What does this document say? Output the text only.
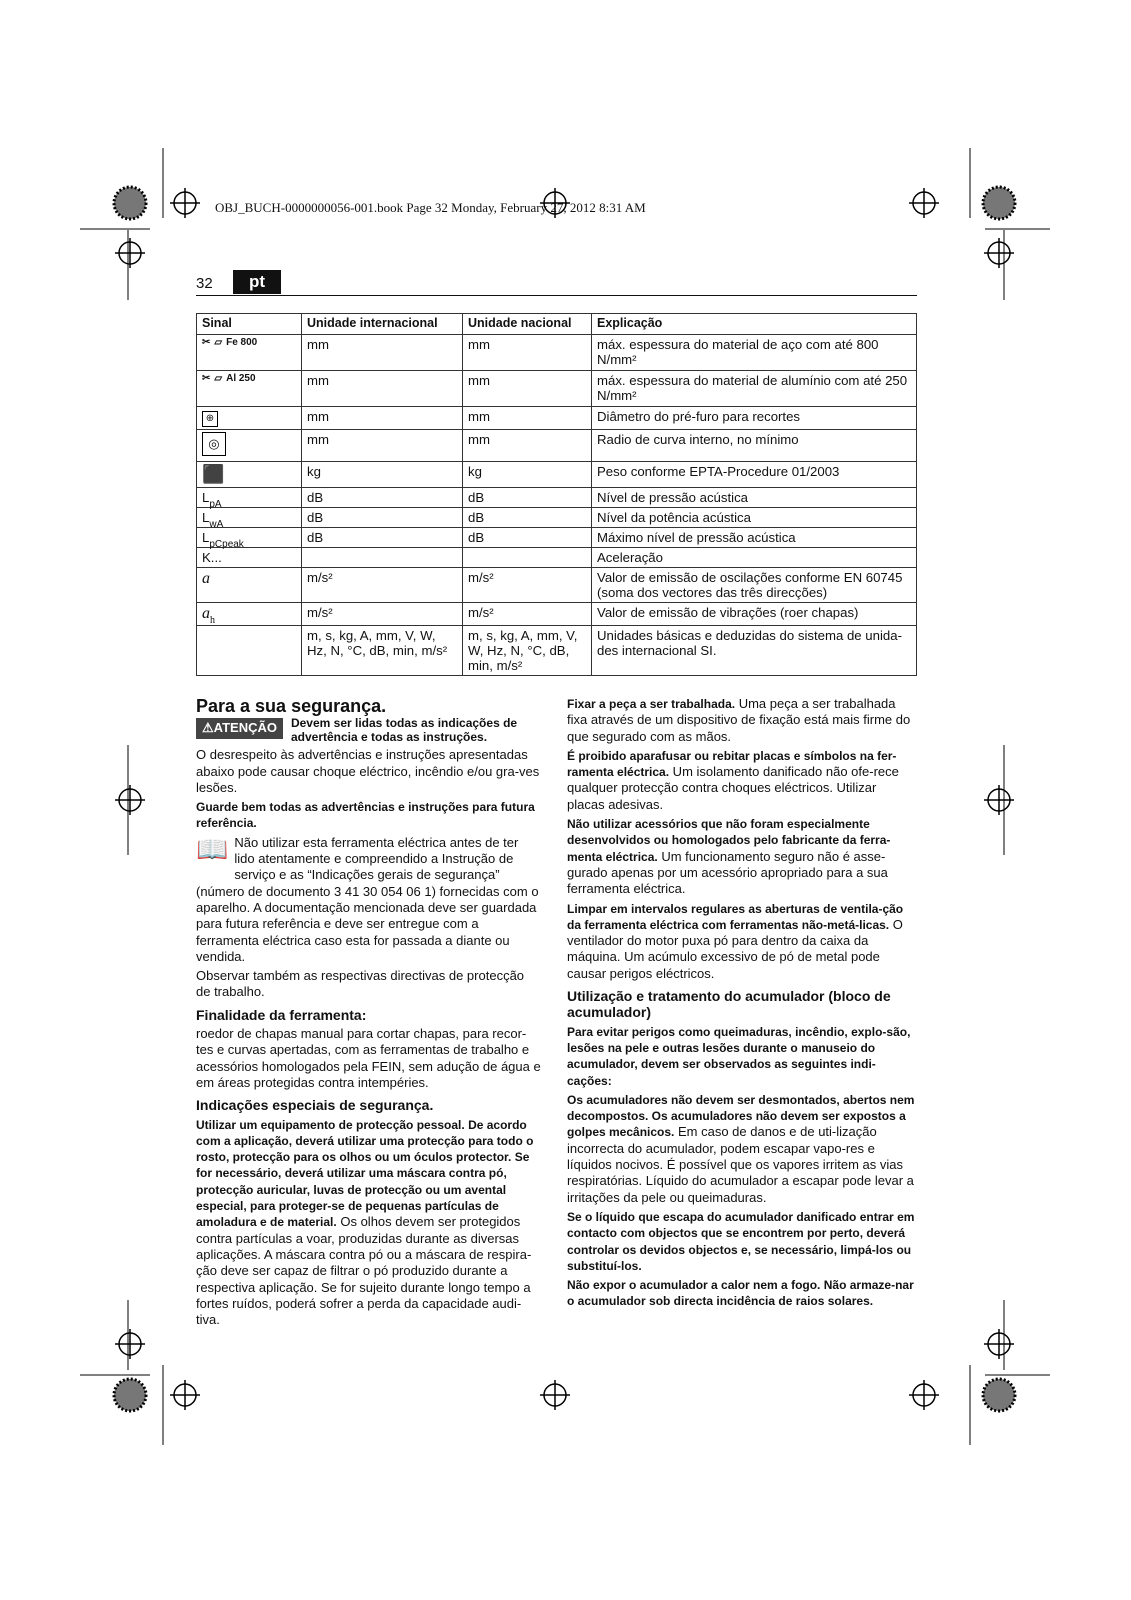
OBJ_BUCH-0000000056-001.book Page 32 Monday, February 27, 2012 8:31 AM
32	pt
Sinal	Unidade internacional	Unidade nacional	Explicação

✂ ▱ Fe 800	mm	mm	máx. espessura do material de aço com até 800 N/mm²

✂ ▱ Al 250	mm	mm	máx. espessura do material de alumínio com até 250 N/mm²
⊕	mm	mm	Diâmetro do pré-furo para recortes
◎	mm	mm	Radio de curva interno, no mínimo
⬛	kg	kg	Peso conforme EPTA-Procedure 01/2003
$L_{pA}$	dB	dB	Nível de pressão acústica
$L_{wA}$	dB	dB	Nível da potência acústica
$L_{pCpeak}$	dB	dB	Máximo nível de pressão acústica
K...			Aceleração
a	m/s²	m/s²	Valor de emissão de oscilações conforme EN 60745 (soma dos vectores das três direcções)
$a_h$	m/s²	m/s²	Valor de emissão de vibrações (roer chapas)
	m, s, kg, A, mm, V, W, Hz, N, °C, dB, min, m/s²	m, s, kg, A, mm, V, W, Hz, N, °C, dB, min, m/s²	Unidades básicas e deduzidas do sistema de unida-des internacional SI.
Para a sua segurança.
⚠ATENÇÃO	Devem ser lidas todas as indicações de advertência e todas as instruções.

O desrespeito às advertências e instruções apresentadas abaixo pode causar choque eléctrico, incêndio e/ou gra-ves lesões.

Guarde bem todas as advertências e instruções para futura referência.

📖 Não utilizar esta ferramenta eléctrica antes de ter lido atentamente e compreendido a Instrução de serviço e as “Indicações gerais de segurança”

(número de documento 3 41 30 054 06 1) fornecidas com o aparelho. A documentação mencionada deve ser guardada para futura referência e deve ser entregue com a ferramenta eléctrica caso esta for passada a diante ou vendida.

Observar também as respectivas directivas de protecção de trabalho.

Finalidade da ferramenta:

roedor de chapas manual para cortar chapas, para recor-tes e curvas apertadas, com as ferramentas de trabalho e acessórios homologados pela FEIN, sem adução de água e em áreas protegidas contra intempéries.

Indicações especiais de segurança.

Utilizar um equipamento de protecção pessoal. De acordo com a aplicação, deverá utilizar uma protecção para todo o rosto, protecção para os olhos ou um óculos protector. Se for necessário, deverá utilizar uma máscara contra pó, protecção auricular, luvas de protecção ou um avental especial, para proteger-se de pequenas partículas de amoladura e de material. Os olhos devem ser protegidos contra partículas a voar, produzidas durante as diversas aplicações. A máscara contra pó ou a máscara de respira-ção deve ser capaz de filtrar o pó produzido durante a respectiva aplicação. Se for sujeito durante longo tempo a fortes ruídos, poderá sofrer a perda da capacidade audi-tiva.

Fixar a peça a ser trabalhada. Uma peça a ser trabalhada fixa através de um dispositivo de fixação está mais firme do que segurado com as mãos.

É proibido aparafusar ou rebitar placas e símbolos na fer-ramenta eléctrica. Um isolamento danificado não ofe-rece qualquer protecção contra choques eléctricos. Utilizar placas adesivas.

Não utilizar acessórios que não foram especialmente desenvolvidos ou homologados pelo fabricante da ferra-menta eléctrica. Um funcionamento seguro não é asse-gurado apenas por um acessório apropriado para a sua ferramenta eléctrica.

Limpar em intervalos regulares as aberturas de ventila-ção da ferramenta eléctrica com ferramentas não-metá-licas. O ventilador do motor puxa pó para dentro da caixa da máquina. Um acúmulo excessivo de pó de metal pode causar perigos eléctricos.

Utilização e tratamento do acumulador (bloco de acumulador)

Para evitar perigos como queimaduras, incêndio, explo-são, lesões na pele e outras lesões durante o manuseio do acumulador, devem ser observados as seguintes indi-cações:

Os acumuladores não devem ser desmontados, abertos nem decompostos. Os acumuladores não devem ser expostos a golpes mecânicos. Em caso de danos e de uti-lização incorrecta do acumulador, podem escapar vapo-res e líquidos nocivos. É possível que os vapores irritem as vias respiratórias. Líquido do acumulador a escapar pode levar a irritações da pele ou queimaduras.

Se o líquido que escapa do acumulador danificado entrar em contacto com objectos que se encontrem por perto, deverá controlar os devidos objectos e, se necessário, limpá-los ou substituí-los.

Não expor o acumulador a calor nem a fogo. Não armaze-nar o acumulador sob directa incidência de raios solares.
